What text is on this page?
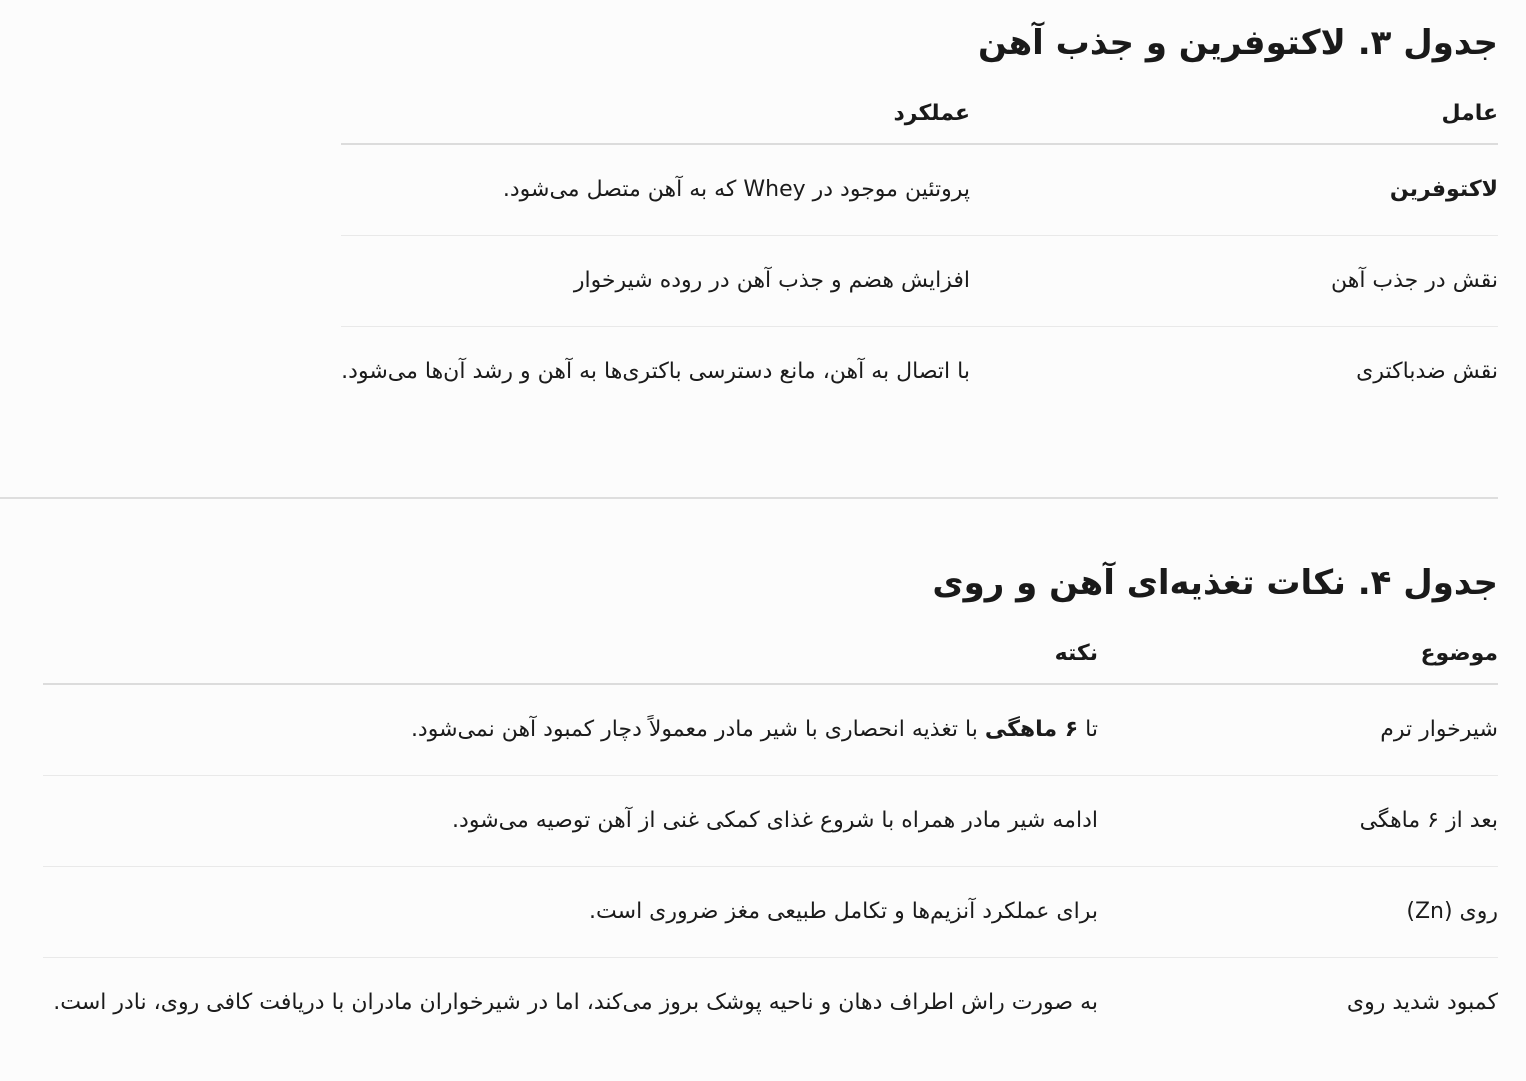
جدول ۳. لاکتوفرین و جذب آهن
عامل	عملکرد

لاکتوفرین	پروتئین موجود در Whey که به آهن متصل می‌شود.

نقش در جذب آهن	افزایش هضم و جذب آهن در روده شیرخوار

نقش ضدباکتری	با اتصال به آهن، مانع دسترسی باکتری‌ها به آهن و رشد آن‌ها می‌شود.
جدول ۴. نکات تغذیه‌ای آهن و روی
موضوع	نکته

شیرخوار ترم	تا ۶ ماهگی با تغذیه انحصاری با شیر مادر معمولاً دچار کمبود آهن نمی‌شود.

بعد از ۶ ماهگی	ادامه شیر مادر همراه با شروع غذای کمکی غنی از آهن توصیه می‌شود.

روی (Zn)	برای عملکرد آنزیم‌ها و تکامل طبیعی مغز ضروری است.

کمبود شدید روی	به صورت راش اطراف دهان و ناحیه پوشک بروز می‌کند، اما در شیرخواران مادران با دریافت کافی روی، نادر است.
